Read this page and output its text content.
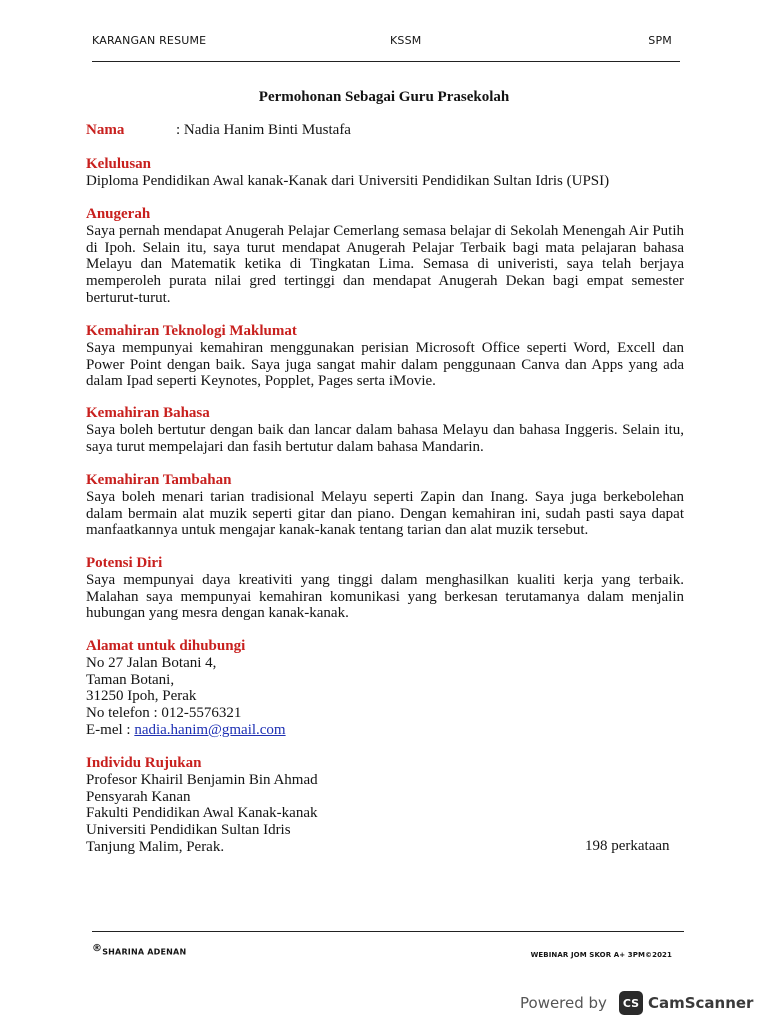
KARANGAN RESUME	KSSM	SPM
Permohonan Sebagai Guru Prasekolah
Nama	: Nadia Hanim Binti Mustafa
Kelulusan
Diploma Pendidikan Awal kanak-Kanak dari Universiti Pendidikan Sultan Idris (UPSI)
Anugerah

Saya pernah mendapat Anugerah Pelajar Cemerlang semasa belajar di Sekolah Menengah Air Putih di Ipoh. Selain itu, saya turut mendapat Anugerah Pelajar Terbaik bagi mata pelajaran bahasa Melayu dan Matematik ketika di Tingkatan Lima. Semasa di univeristi, saya telah berjaya memperoleh purata nilai gred tertinggi dan mendapat Anugerah Dekan bagi empat semester berturut-turut.

Kemahiran Teknologi Maklumat

Saya mempunyai kemahiran menggunakan perisian Microsoft Office seperti Word, Excell dan Power Point dengan baik. Saya juga sangat mahir dalam penggunaan Canva dan Apps yang ada dalam Ipad seperti Keynotes, Popplet, Pages serta iMovie.

Kemahiran Bahasa

Saya boleh bertutur dengan baik dan lancar dalam bahasa Melayu dan bahasa Inggeris. Selain itu, saya turut mempelajari dan fasih bertutur dalam bahasa Mandarin.

Kemahiran Tambahan

Saya boleh menari tarian tradisional Melayu seperti Zapin dan Inang. Saya juga berkebolehan dalam bermain alat muzik seperti gitar dan piano. Dengan kemahiran ini, sudah pasti saya dapat manfaatkannya untuk mengajar kanak-kanak tentang tarian dan alat muzik tersebut.

Potensi Diri

Saya mempunyai daya kreativiti yang tinggi dalam menghasilkan kualiti kerja yang terbaik. Malahan saya mempunyai kemahiran komunikasi yang berkesan terutamanya dalam menjalin hubungan yang mesra dengan kanak-kanak.

Alamat untuk dihubungi
No 27 Jalan Botani 4,
Taman Botani,
31250 Ipoh, Perak
No telefon : 012-5576321
E-mel : nadia.hanim@gmail.com
Individu Rujukan
Profesor Khairil Benjamin Bin Ahmad
Pensyarah Kanan
Fakulti Pendidikan Awal Kanak-kanak
Universiti Pendidikan Sultan Idris
Tanjung Malim, Perak.	198 perkataan
®SHARINA ADENAN	WEBINAR JOM SKOR A+ 3PM©2021
Powered by	CS CamScanner
